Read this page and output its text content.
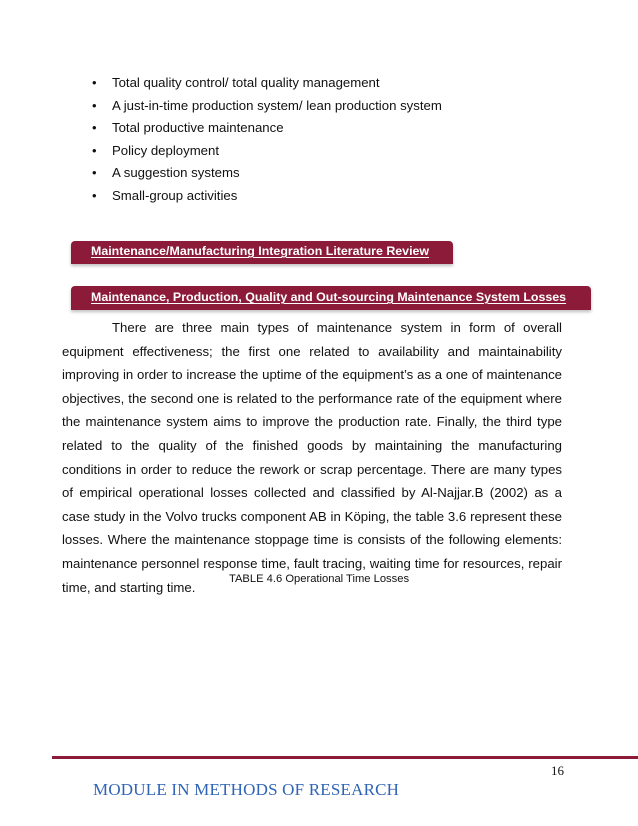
• Total quality control/ total quality management
• A just-in-time production system/ lean production system
• Total productive maintenance
• Policy deployment
• A suggestion systems
• Small-group activities
Maintenance/Manufacturing Integration Literature Review
Maintenance, Production, Quality and Out-sourcing Maintenance System Losses

There are three main types of maintenance system in form of overall equipment effectiveness; the first one related to availability and maintainability improving in order to increase the uptime of the equipment’s as a one of maintenance objectives, the second one is related to the performance rate of the equipment where the maintenance system aims to improve the production rate. Finally, the third type related to the quality of the finished goods by maintaining the manufacturing conditions in order to reduce the rework or scrap percentage. There are many types of empirical operational losses collected and classified by Al-Najjar.B (2002) as a case study in the Volvo trucks component AB in Köping, the table 3.6 represent these losses. Where the maintenance stoppage time is consists of the following elements: maintenance personnel response time, fault tracing, waiting time for resources, repair time, and starting time.

TABLE 4.6 Operational Time Losses
16
MODULE IN METHODS OF RESEARCH
